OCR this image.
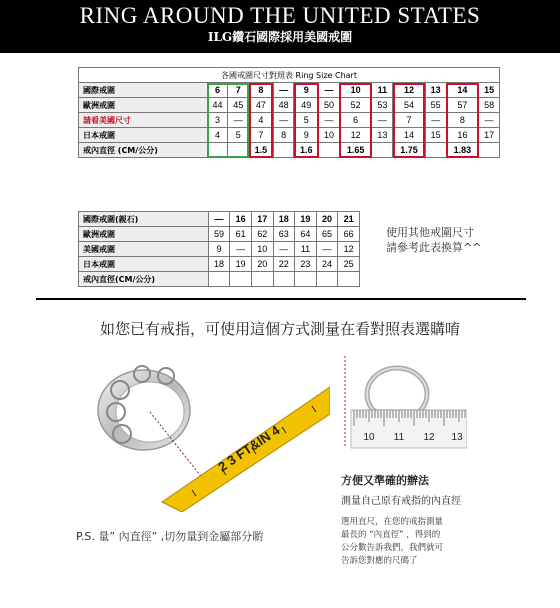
RING AROUND THE UNITED STATES
ILG鑽石國際採用美國戒圍
各國戒圍尺寸對照表 Ring Size Chart												
國際戒圍	6	7	8	—	9	—	10	11	12	13	14	15
歐洲戒圍	44	45	47	48	49	50	52	53	54	55	57	58
請看美國尺寸	3	—	4	—	5	—	6	—	7	—	8	—
日本戒圍	4	5	7	8	9	10	12	13	14	15	16	17
戒內直徑 (CM/公分)			1.5		1.6		1.65		1.75		1.83	
國際戒圍(親石)	—	16	17	18	19	20	21
歐洲戒圍	59	61	62	63	64	65	66
美國戒圍	9	—	10	—	11	—	12
日本戒圍	18	19	20	22	23	24	25
戒內直徑(CM/公分)							
使用其他戒圍尺寸
請參考此表換算^^
如您已有戒指，可使用這個方式測量在看對照表選購唷
2 3 FT&IN 4
P.S. 量” 內直徑” ,切勿量到金屬部分喲
10 11 12 13
方便又準確的辦法
測量自己原有戒指的內直徑
選用直尺，在您的戒指測量
最長的 “內直徑” ，得到的
公分數告訴我們，我們就可
告訴您對應的尺碼了
